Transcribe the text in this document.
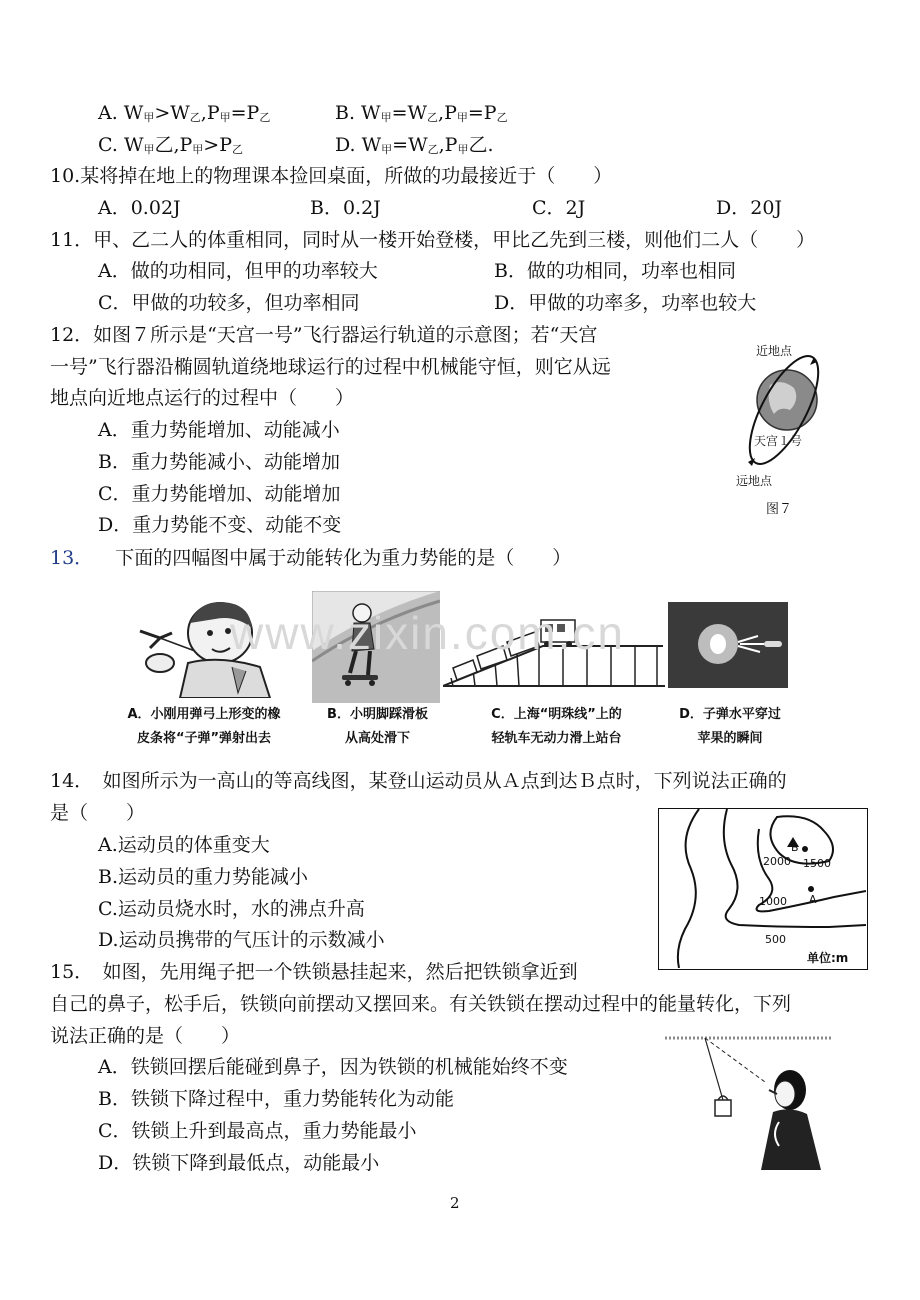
A. $W_甲>W_乙,P_甲=P_乙$	B. $W_甲=W_乙,P_甲=P_乙$
C. $W_甲$乙$,P_甲>P_乙$	D. $W_甲=W_乙,P_甲$乙.
10.某将掉在地上的物理课本捡回桌面，所做的功最接近于（　　）
A．0.02J	B．0.2J	C．2J	D．20J
11．甲、乙二人的体重相同，同时从一楼开始登楼，甲比乙先到三楼，则他们二人（　　）
A．做的功相同，但甲的功率较大	B．做的功相同，功率也相同
C．甲做的功较多，但功率相同	D．甲做的功率多，功率也较大
12．如图７所示是“天宫一号”飞行器运行轨道的示意图；若“天宫
一号”飞行器沿椭圆轨道绕地球运行的过程中机械能守恒，则它从远
地点向近地点运行的过程中（　　）
A．重力势能增加、动能减小
B．重力势能减小、动能增加
C．重力势能增加、动能增加
D．重力势能不变、动能不变
近地点
远地点
天宫１号
图７
13． 下面的四幅图中属于动能转化为重力势能的是（　　）
A．小刚用弹弓上形变的橡
皮条将“子弹”弹射出去
B．小明脚踩滑板
从高处滑下
C．上海“明珠线”上的
轻轨车无动力滑上站台
D．子弹水平穿过
苹果的瞬间
www.zixin.com.cn
14．　如图所示为一高山的等高线图，某登山运动员从Ａ点到达Ｂ点时，下列说法正确的
是（　　）
A.运动员的体重变大
B.运动员的重力势能减小
C.运动员烧水时，水的沸点升高
D.运动员携带的气压计的示数减小
2000 1500
1000
500
B
A
单位:m
15．　如图，先用绳子把一个铁锁悬挂起来，然后把铁锁拿近到
自己的鼻子，松手后，铁锁向前摆动又摆回来。有关铁锁在摆动过程中的能量转化，下列
说法正确的是（　　）
A．铁锁回摆后能碰到鼻子，因为铁锁的机械能始终不变
B．铁锁下降过程中，重力势能转化为动能
C．铁锁上升到最高点，重力势能最小
D．铁锁下降到最低点，动能最小
2
